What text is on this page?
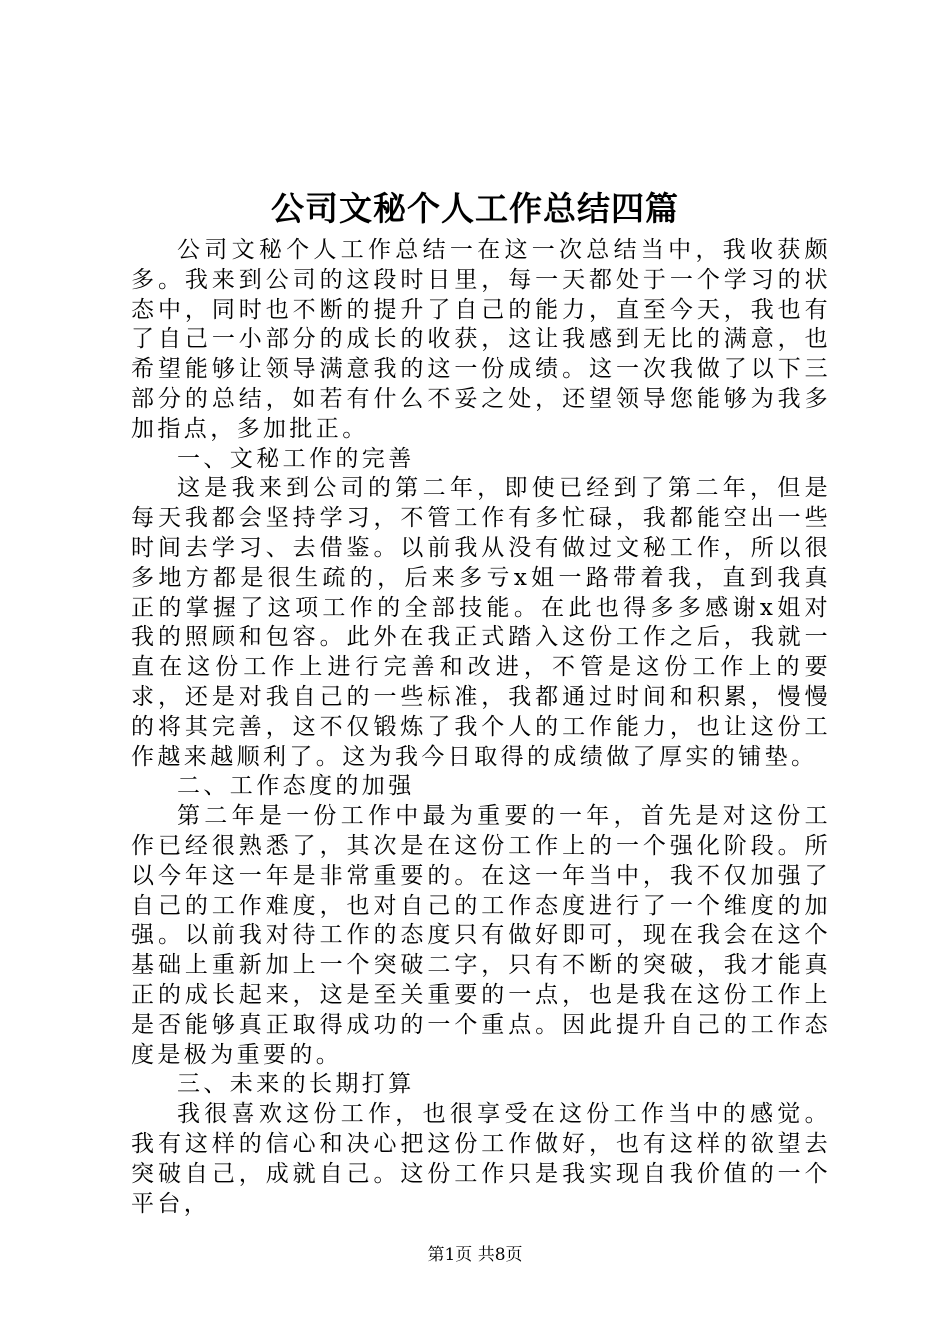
公司文秘个人工作总结四篇

公司文秘个人工作总结一在这一次总结当中，我收获颇多。我来到公司的这段时日里，每一天都处于一个学习的状态中，同时也不断的提升了自己的能力，直至今天，我也有了自己一小部分的成长的收获，这让我感到无比的满意，也希望能够让领导满意我的这一份成绩。这一次我做了以下三部分的总结，如若有什么不妥之处，还望领导您能够为我多加指点，多加批正。

一、文秘工作的完善

这是我来到公司的第二年，即使已经到了第二年，但是每天我都会坚持学习，不管工作有多忙碌，我都能空出一些时间去学习、去借鉴。以前我从没有做过文秘工作，所以很多地方都是很生疏的，后来多亏x姐一路带着我，直到我真正的掌握了这项工作的全部技能。在此也得多多感谢x姐对我的照顾和包容。此外在我正式踏入这份工作之后，我就一直在这份工作上进行完善和改进，不管是这份工作上的要求，还是对我自己的一些标准，我都通过时间和积累，慢慢的将其完善，这不仅锻炼了我个人的工作能力，也让这份工作越来越顺利了。这为我今日取得的成绩做了厚实的铺垫。

二、工作态度的加强

第二年是一份工作中最为重要的一年，首先是对这份工作已经很熟悉了，其次是在这份工作上的一个强化阶段。所以今年这一年是非常重要的。在这一年当中，我不仅加强了自己的工作难度，也对自己的工作态度进行了一个维度的加强。以前我对待工作的态度只有做好即可，现在我会在这个基础上重新加上一个突破二字，只有不断的突破，我才能真正的成长起来，这是至关重要的一点，也是我在这份工作上是否能够真正取得成功的一个重点。因此提升自己的工作态度是极为重要的。

三、未来的长期打算

我很喜欢这份工作，也很享受在这份工作当中的感觉。我有这样的信心和决心把这份工作做好，也有这样的欲望去突破自己，成就自己。这份工作只是我实现自我价值的一个平台，

第1页 共8页
